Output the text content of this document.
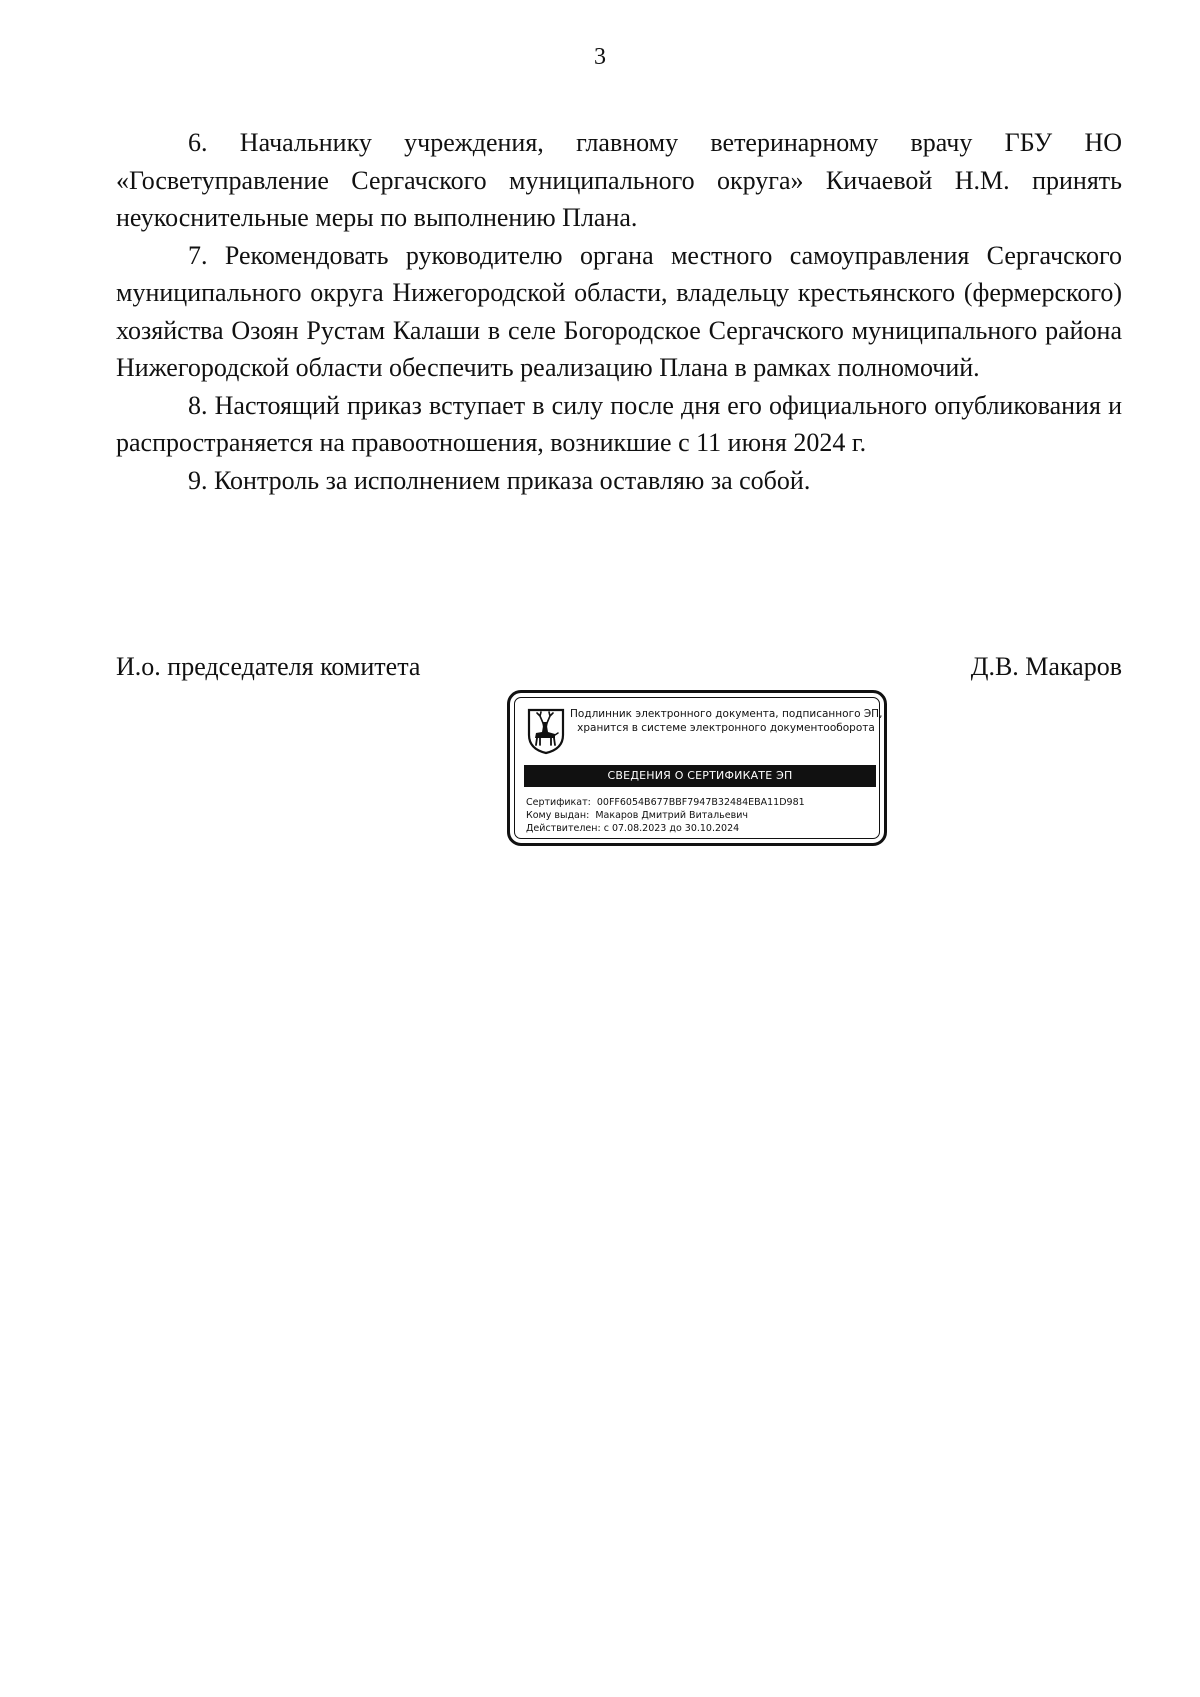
3

6. Начальнику учреждения, главному ветеринарному врачу ГБУ НО «Госветуправление Сергачского муниципального округа» Кичаевой Н.М. принять неукоснительные меры по выполнению Плана.

7. Рекомендовать руководителю органа местного самоуправления Сергачского муниципального округа Нижегородской области, владельцу крестьянского (фермерского) хозяйства Озоян Рустам Калаши в селе Богородское Сергачского муниципального района Нижегородской области обеспечить реализацию Плана в рамках полномочий.

8. Настоящий приказ вступает в силу после дня его официального опубликования и распространяется на правоотношения, возникшие с 11 июня 2024 г.

9. Контроль за исполнением приказа оставляю за собой.

И.о. председателя комитета	Д.В. Макаров
Подлинник электронного документа, подписанного ЭП,
хранится в системе электронного документооборота
СВЕДЕНИЯ О СЕРТИФИКАТЕ ЭП
Сертификат: 00FF6054B677BBF7947B32484EBA11D981
Кому выдан: Макаров Дмитрий Витальевич
Действителен: с 07.08.2023 до 30.10.2024
